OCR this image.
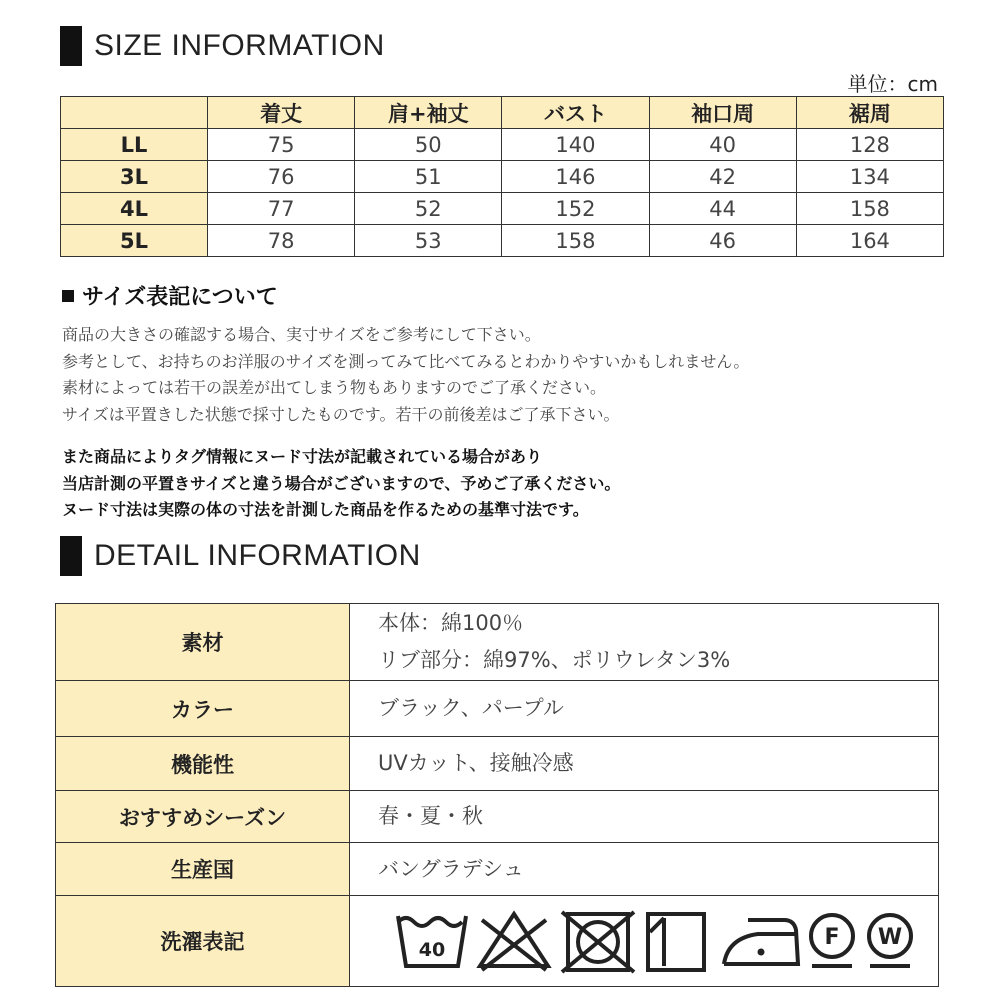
SIZE INFORMATION
単位：cm
	着丈	肩+袖丈	バスト	袖口周	裾周
LL	75	50	140	40	128
3L	76	51	146	42	134
4L	77	52	152	44	158
5L	78	53	158	46	164
サイズ表記について
商品の大きさの確認する場合、実寸サイズをご参考にして下さい。
参考として、お持ちのお洋服のサイズを測ってみて比べてみるとわかりやすいかもしれません。
素材によっては若干の誤差が出てしまう物もありますのでご了承ください。
サイズは平置きした状態で採寸したものです。若干の前後差はご了承下さい。
また商品によりタグ情報にヌード寸法が記載されている場合があり
当店計測の平置きサイズと違う場合がございますので、予めご了承ください。
ヌード寸法は実際の体の寸法を計測した商品を作るための基準寸法です。
DETAIL INFORMATION
素材	本体：綿100％
リブ部分：綿97%、ポリウレタン3%

カラー	ブラック、パープル
機能性	UVカット、接触冷感
おすすめシーズン	春・夏・秋
生産国	バングラデシュ
洗濯表記	40 F W
